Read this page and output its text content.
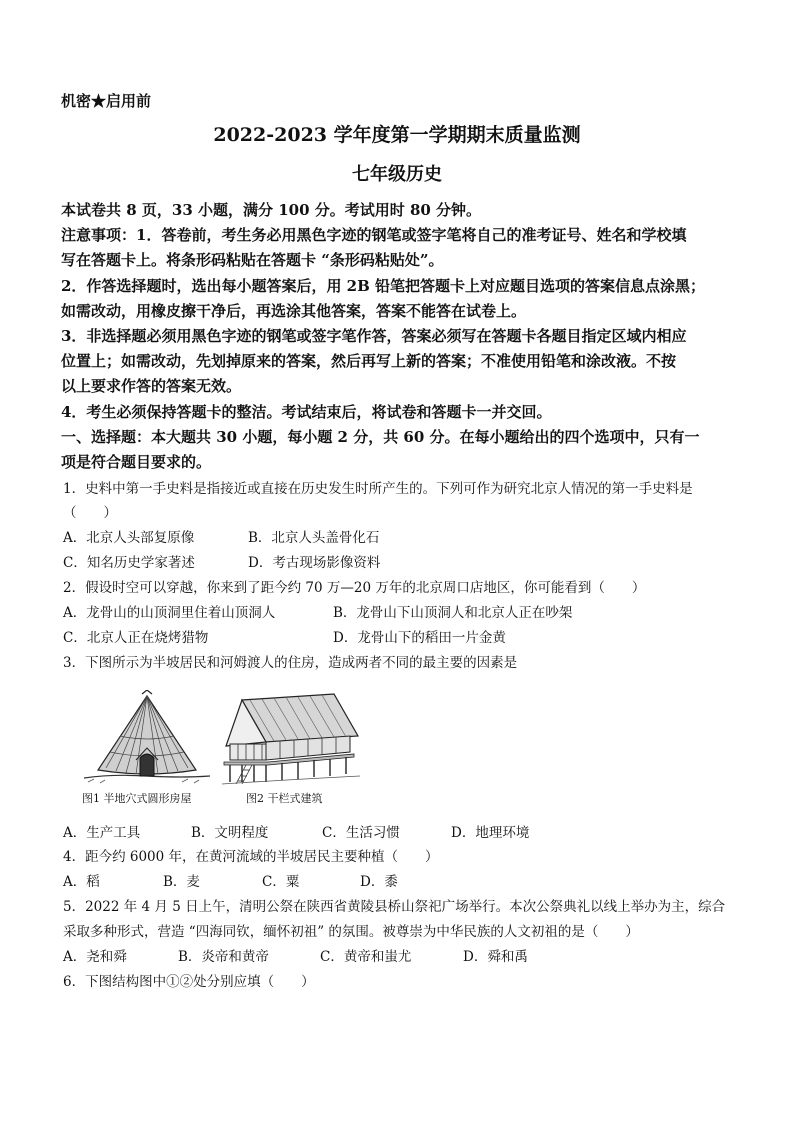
机密★启用前
2022-2023 学年度第一学期期末质量监测
七年级历史
本试卷共 8 页，33 小题，满分 100 分。考试用时 80 分钟。
注意事项：1．答卷前，考生务必用黑色字迹的钢笔或签字笔将自己的准考证号、姓名和学校填
写在答题卡上。将条形码粘贴在答题卡 “条形码粘贴处”。
2．作答选择题时，选出每小题答案后，用 2B 铅笔把答题卡上对应题目选项的答案信息点涂黑；
如需改动，用橡皮擦干净后，再选涂其他答案，答案不能答在试卷上。
3．非选择题必须用黑色字迹的钢笔或签字笔作答，答案必须写在答题卡各题目指定区域内相应
位置上；如需改动，先划掉原来的答案，然后再写上新的答案；不准使用铅笔和涂改液。不按
以上要求作答的答案无效。
4．考生必须保持答题卡的整洁。考试结束后，将试卷和答题卡一并交回。
一、选择题：本大题共 30 小题，每小题 2 分，共 60 分。在每小题给出的四个选项中，只有一
项是符合题目要求的。
1．史料中第一手史料是指接近或直接在历史发生时所产生的。下列可作为研究北京人情况的第一手史料是
（　　）
A．北京人头部复原像	B．北京人头盖骨化石
C．知名历史学家著述	D．考古现场影像资料
2．假设时空可以穿越，你来到了距今约 70 万—20 万年的北京周口店地区，你可能看到（　　）
A．龙骨山的山顶洞里住着山顶洞人	B．龙骨山下山顶洞人和北京人正在吵架
C．北京人正在烧烤猎物	D．龙骨山下的稻田一片金黄
3．下图所示为半坡居民和河姆渡人的住房，造成两者不同的最主要的因素是
图1 半地穴式圆形房屋	图2 干栏式建筑
A．生产工具	B．文明程度	C．生活习惯	D．地理环境
4．距今约 6000 年，在黄河流域的半坡居民主要种植（　　）
A．稻	B．麦	C．粟	D．黍
5．2022 年 4 月 5 日上午，清明公祭在陕西省黄陵县桥山祭祀广场举行。本次公祭典礼以线上举办为主，综合
采取多种形式，营造 “四海同钦，缅怀初祖” 的氛围。被尊崇为中华民族的人文初祖的是（　　）
A．尧和舜	B．炎帝和黄帝	C．黄帝和蚩尤	D．舜和禹
6．下图结构图中①②处分别应填（　　）
